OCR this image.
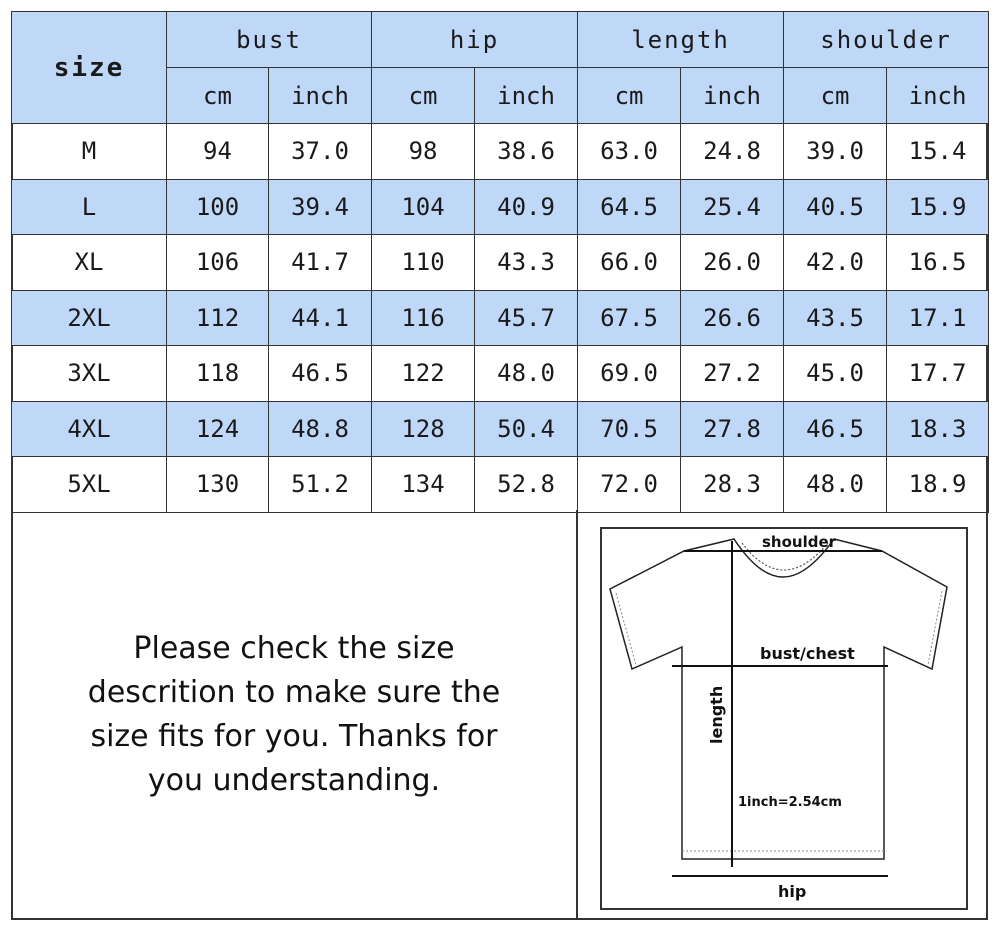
size	bust		hip		length		shoulder	
	cm	inch	cm	inch	cm	inch	cm	inch
M	94	37.0	98	38.6	63.0	24.8	39.0	15.4
L	100	39.4	104	40.9	64.5	25.4	40.5	15.9
XL	106	41.7	110	43.3	66.0	26.0	42.0	16.5
2XL	112	44.1	116	45.7	67.5	26.6	43.5	17.1
3XL	118	46.5	122	48.0	69.0	27.2	45.0	17.7
4XL	124	48.8	128	50.4	70.5	27.8	46.5	18.3
5XL	130	51.2	134	52.8	72.0	28.3	48.0	18.9

Please check the size descrition to make sure the size fits for you. Thanks for you understanding.

shoulder
bust/chest
length
1inch=2.54cm
hip
